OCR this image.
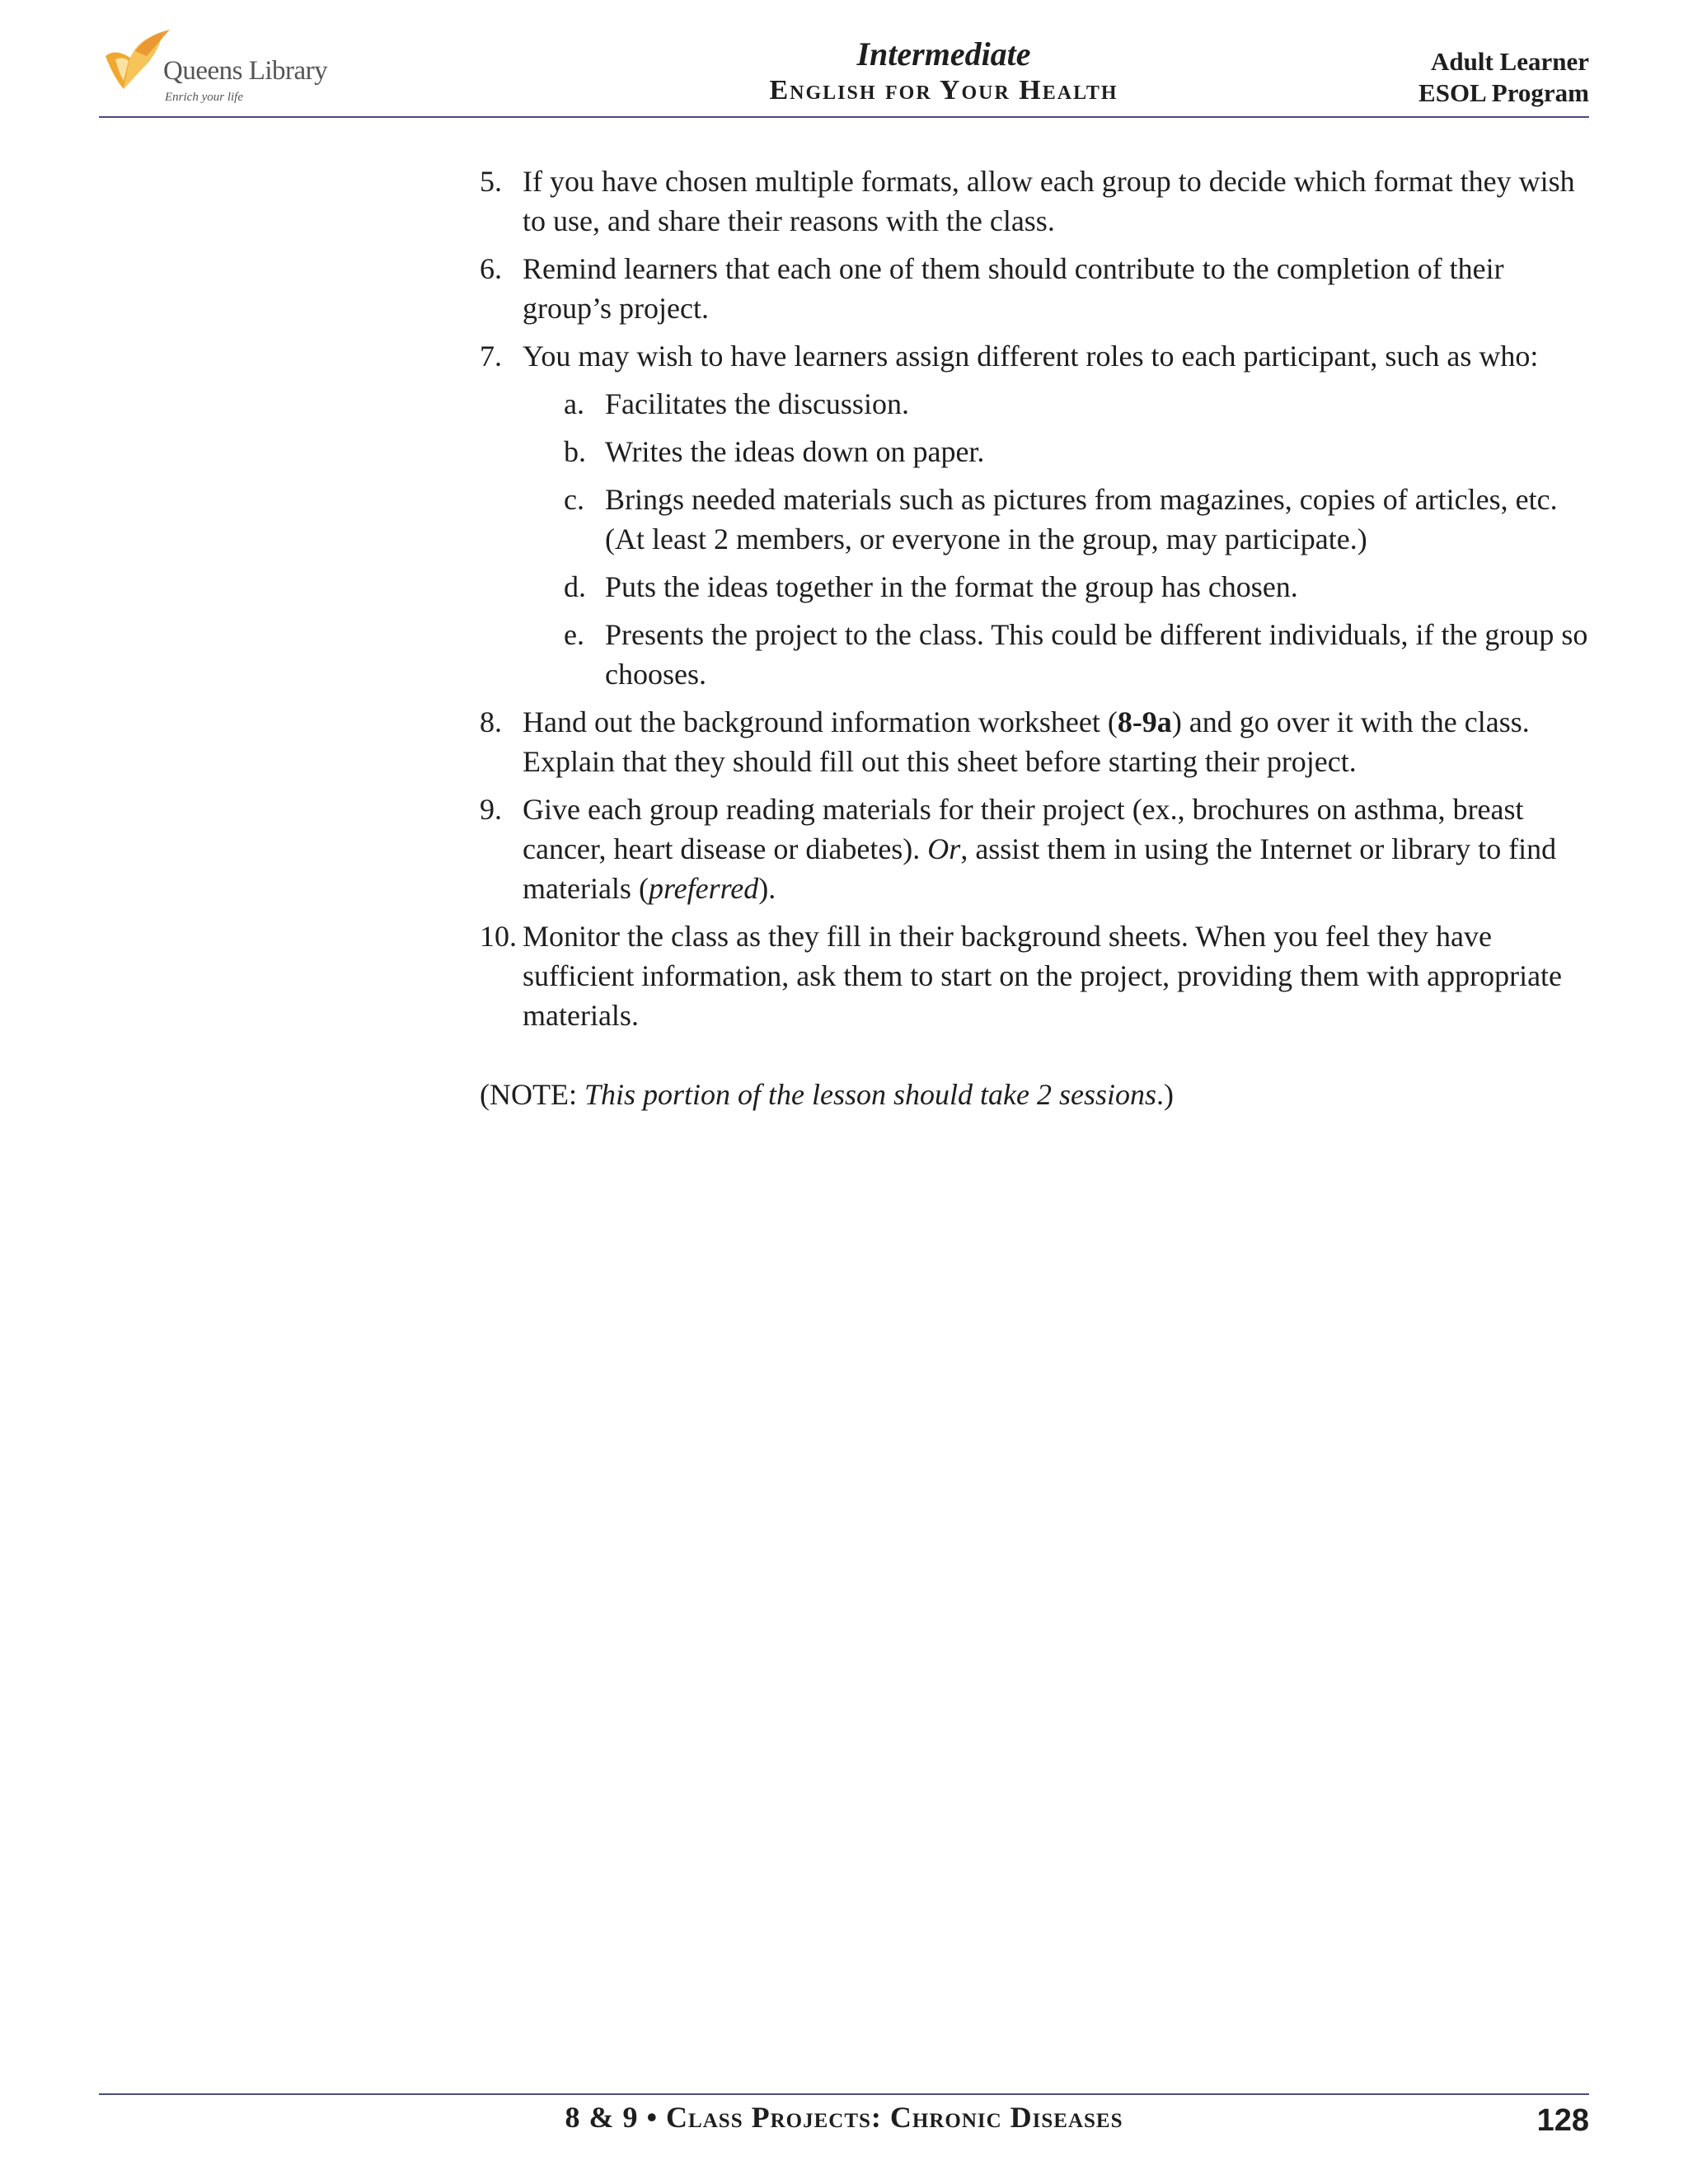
Queens Library
Enrich your life
Intermediate
English for Your Health
Adult Learner
ESOL Program
5. If you have chosen multiple formats, allow each group to decide which format they wish to use, and share their reasons with the class.
6. Remind learners that each one of them should contribute to the completion of their group’s project.
7. You may wish to have learners assign different roles to each participant, such as who:
a. Facilitates the discussion.
b. Writes the ideas down on paper.
c. Brings needed materials such as pictures from magazines, copies of articles, etc. (At least 2 members, or everyone in the group, may participate.)
d. Puts the ideas together in the format the group has chosen.
e. Presents the project to the class. This could be different individuals, if the group so chooses.
8. Hand out the background information worksheet (8-9a) and go over it with the class. Explain that they should fill out this sheet before starting their project.
9. Give each group reading materials for their project (ex., brochures on asthma, breast cancer, heart disease or diabetes). Or, assist them in using the Internet or library to find materials (preferred).
10. Monitor the class as they fill in their background sheets. When you feel they have sufficient information, ask them to start on the project, providing them with appropriate materials.
(NOTE: This portion of the lesson should take 2 sessions.)
8 & 9 • Class Projects: Chronic Diseases	128
